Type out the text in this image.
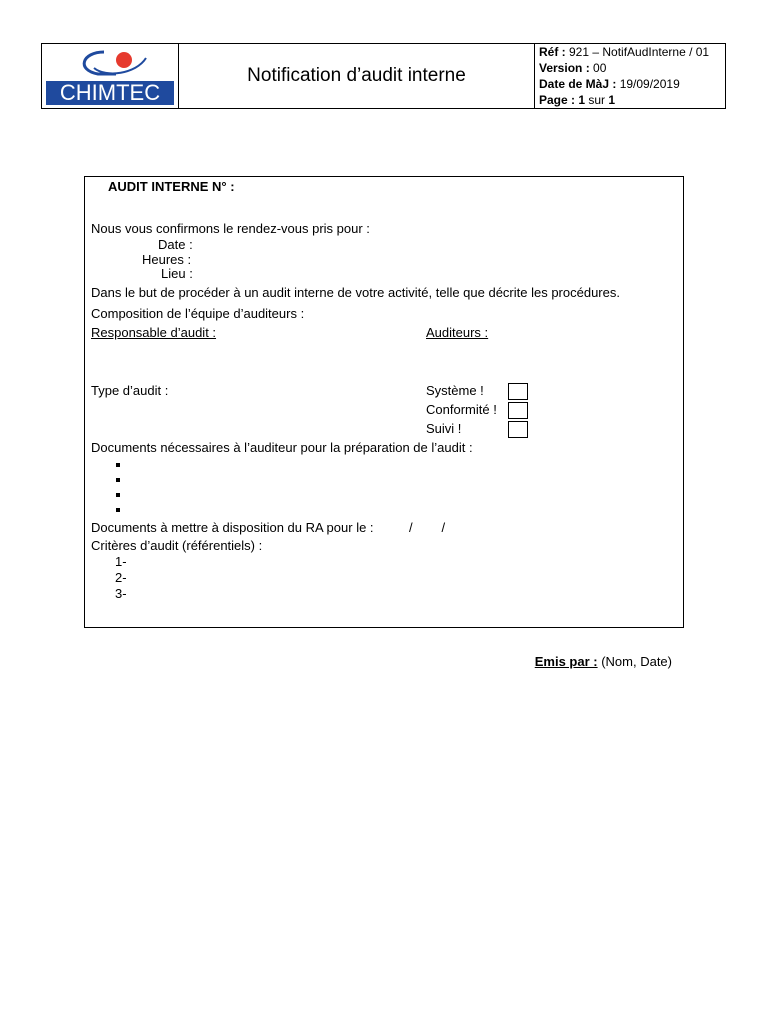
CHIMTEC
Notification d’audit interne
Réf : 921 – NotifAudInterne / 01
Version : 00
Date de MàJ : 19/09/2019
Page : 1 sur 1
AUDIT INTERNE N° :
Nous vous confirmons le rendez-vous pris pour :
Date :
Heures :
Lieu :
Dans le but de procéder à un audit interne de votre activité, telle que décrite les procédures.
Composition de l’équipe d’auditeurs :
Responsable d’audit :	Auditeurs :
Type d’audit :	Système !
Conformité !
Suivi !
Documents nécessaires à l’auditeur pour la préparation de l’audit :
Documents à mettre à disposition du RA pour le :	/        /
Critères d’audit (référentiels) :
1-
2-
3-
Emis par : (Nom, Date)
